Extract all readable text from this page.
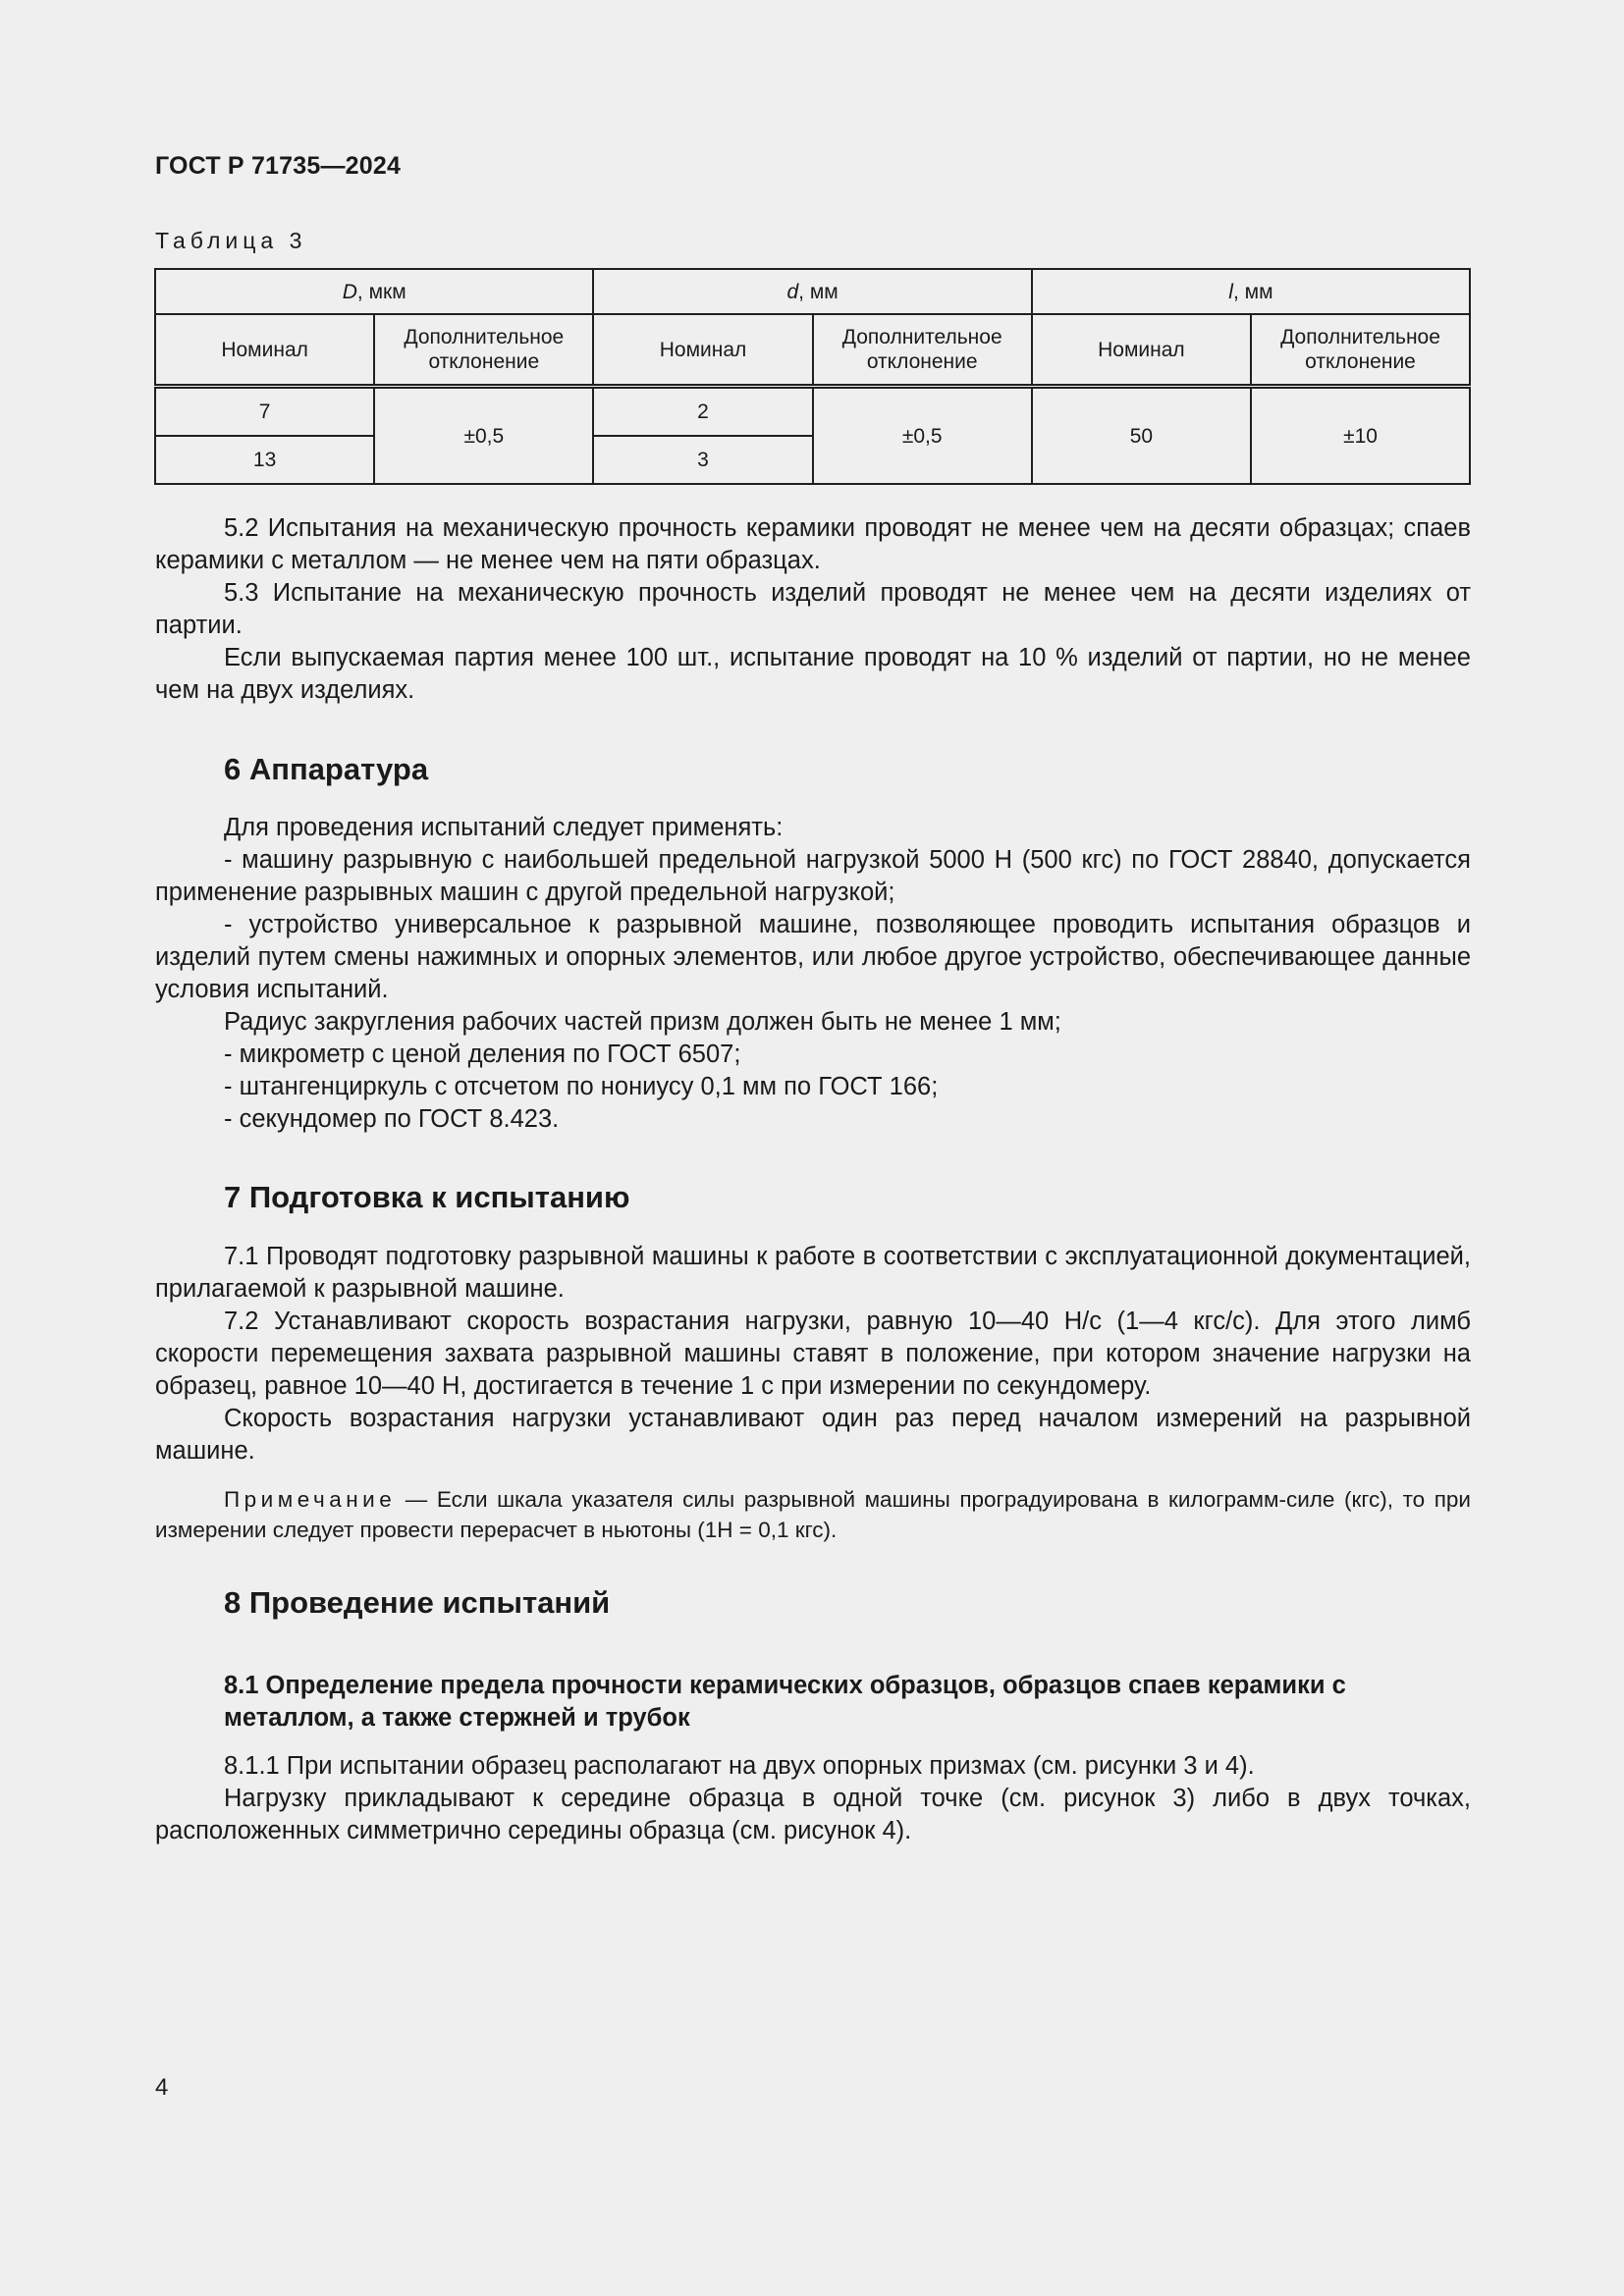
ГОСТ Р 71735—2024
Таблица 3
D, мкм		d, мм		l, мм	
Номинал	Дополнительное отклонение	Номинал	Дополнительное отклонение	Номинал	Дополнительное отклонение
7	±0,5	2	±0,5	50	±10
13		3			

5.2 Испытания на механическую прочность керамики проводят не менее чем на десяти образцах; спаев керамики с металлом — не менее чем на пяти образцах.

5.3 Испытание на механическую прочность изделий проводят не менее чем на десяти изделиях от партии.

Если выпускаемая партия менее 100 шт., испытание проводят на 10 % изделий от партии, но не менее чем на двух изделиях.

6 Аппаратура

Для проведения испытаний следует применять:

- машину разрывную с наибольшей предельной нагрузкой 5000 Н (500 кгс) по ГОСТ 28840, допускается применение разрывных машин с другой предельной нагрузкой;

- устройство универсальное к разрывной машине, позволяющее проводить испытания образцов и изделий путем смены нажимных и опорных элементов, или любое другое устройство, обеспечивающее данные условия испытаний.

Радиус закругления рабочих частей призм должен быть не менее 1 мм;

- микрометр с ценой деления по ГОСТ 6507;

- штангенциркуль с отсчетом по нониусу 0,1 мм по ГОСТ 166;

- секундомер по ГОСТ 8.423.

7 Подготовка к испытанию

7.1 Проводят подготовку разрывной машины к работе в соответствии с эксплуатационной документацией, прилагаемой к разрывной машине.

7.2 Устанавливают скорость возрастания нагрузки, равную 10—40 Н/с (1—4 кгс/с). Для этого лимб скорости перемещения захвата разрывной машины ставят в положение, при котором значение нагрузки на образец, равное 10—40 Н, достигается в течение 1 с при измерении по секундомеру.

Скорость возрастания нагрузки устанавливают один раз перед началом измерений на разрывной машине.

Примечание — Если шкала указателя силы разрывной машины проградуирована в килограмм-силе (кгс), то при измерении следует провести перерасчет в ньютоны (1Н = 0,1 кгс).
8 Проведение испытаний
8.1 Определение предела прочности керамических образцов, образцов спаев керамики с металлом, а также стержней и трубок

8.1.1 При испытании образец располагают на двух опорных призмах (см. рисунки 3 и 4).

Нагрузку прикладывают к середине образца в одной точке (см. рисунок 3) либо в двух точках, расположенных симметрично середины образца (см. рисунок 4).

4
